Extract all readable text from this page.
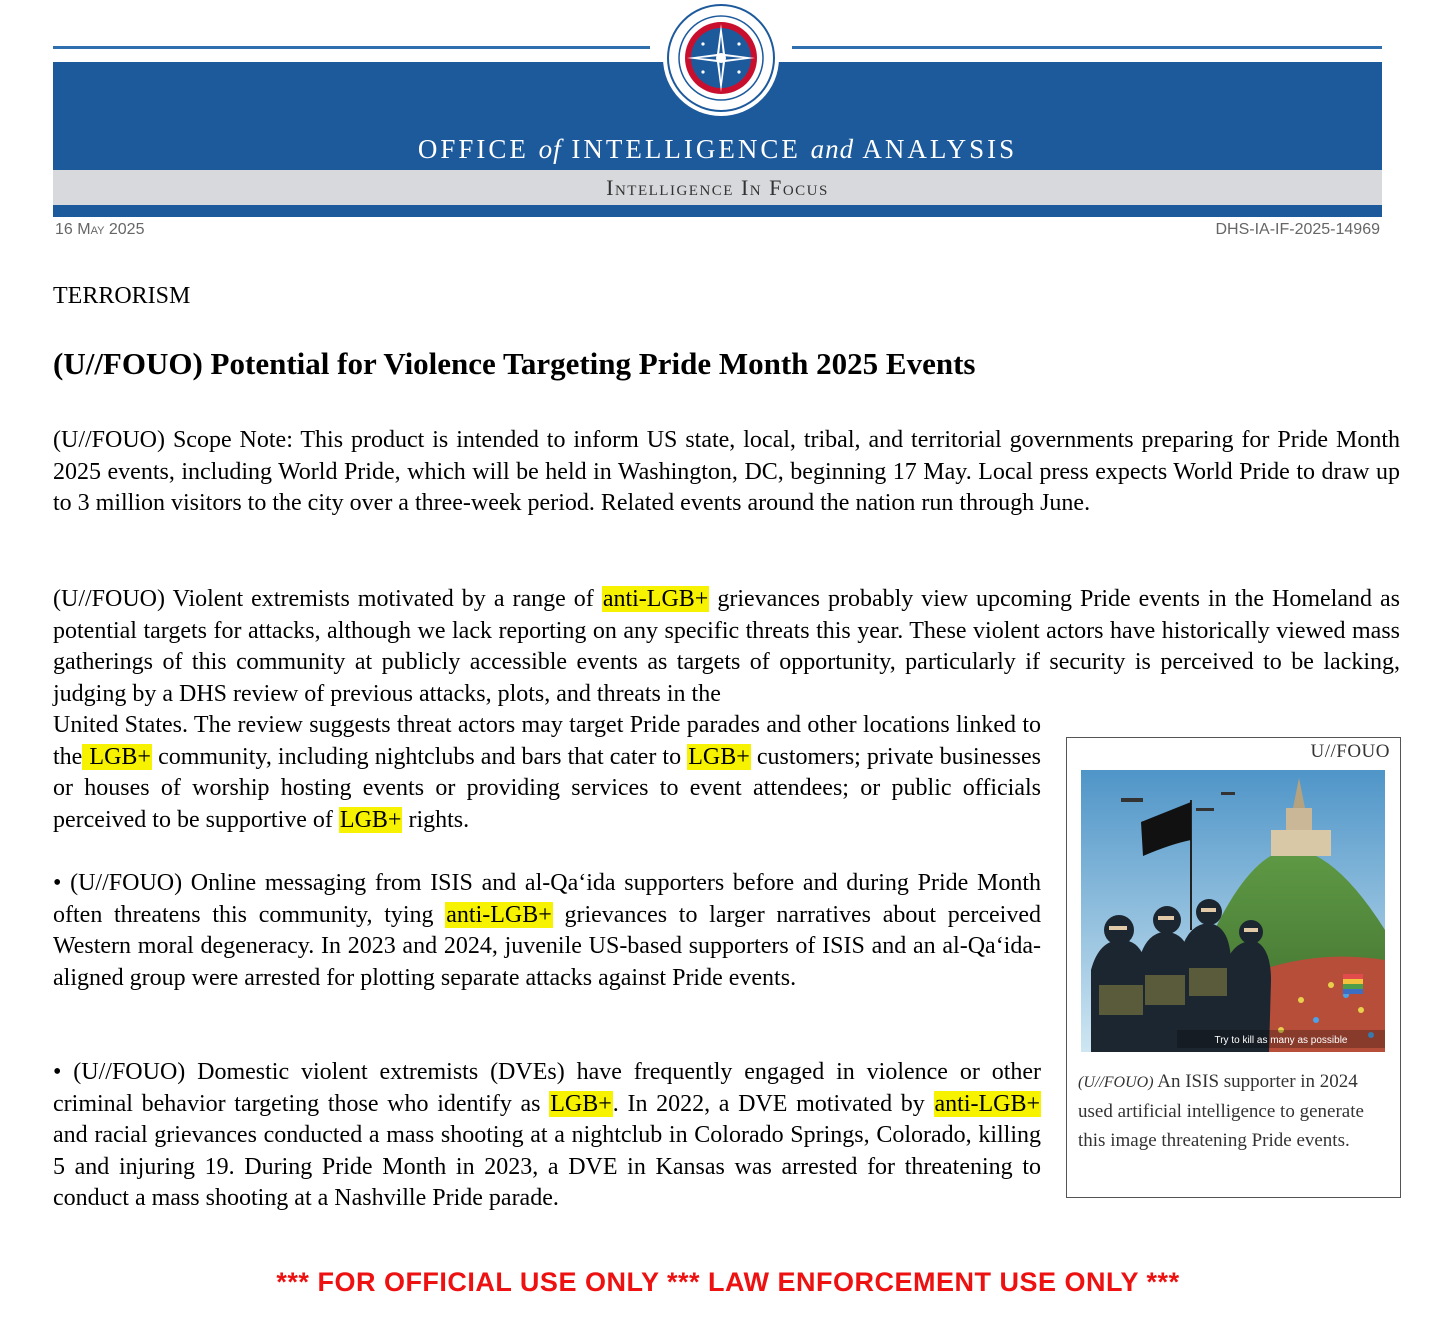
OFFICE of INTELLIGENCE and ANALYSIS
Intelligence In Focus
16 May 2025	DHS-IA-IF-2025-14969
TERRORISM
(U//FOUO) Potential for Violence Targeting Pride Month 2025 Events
(U//FOUO) Scope Note: This product is intended to inform US state, local, tribal, and territorial governments preparing for Pride Month 2025 events, including World Pride, which will be held in Washington, DC, beginning 17 May. Local press expects World Pride to draw up to 3 million visitors to the city over a three-week period. Related events around the nation run through June.
(U//FOUO) Violent extremists motivated by a range of anti-LGB+ grievances probably view upcoming Pride events in the Homeland as potential targets for attacks, although we lack reporting on any specific threats this year. These violent actors have historically viewed mass gatherings of this community at publicly accessible events as targets of opportunity, particularly if security is perceived to be lacking, judging by a DHS review of previous attacks, plots, and threats in the
United States. The review suggests threat actors may target Pride parades and other locations linked to the LGB+ community, including nightclubs and bars that cater to LGB+ customers; private businesses or houses of worship hosting events or providing services to event attendees; or public officials perceived to be supportive of LGB+ rights.
• (U//FOUO) Online messaging from ISIS and al-Qa‘ida supporters before and during Pride Month often threatens this community, tying anti-LGB+ grievances to larger narratives about perceived Western moral degeneracy. In 2023 and 2024, juvenile US-based supporters of ISIS and an al-Qa‘ida-aligned group were arrested for plotting separate attacks against Pride events.
• (U//FOUO) Domestic violent extremists (DVEs) have frequently engaged in violence or other criminal behavior targeting those who identify as LGB+. In 2022, a DVE motivated by anti-LGB+ and racial grievances conducted a mass shooting at a nightclub in Colorado Springs, Colorado, killing 5 and injuring 19. During Pride Month in 2023, a DVE in Kansas was arrested for threatening to conduct a mass shooting at a Nashville Pride parade.
U//FOUO
Try to kill as many as possible
(U//FOUO) An ISIS supporter in 2024 used artificial intelligence to generate this image threatening Pride events.
*** FOR OFFICIAL USE ONLY *** LAW ENFORCEMENT USE ONLY ***
